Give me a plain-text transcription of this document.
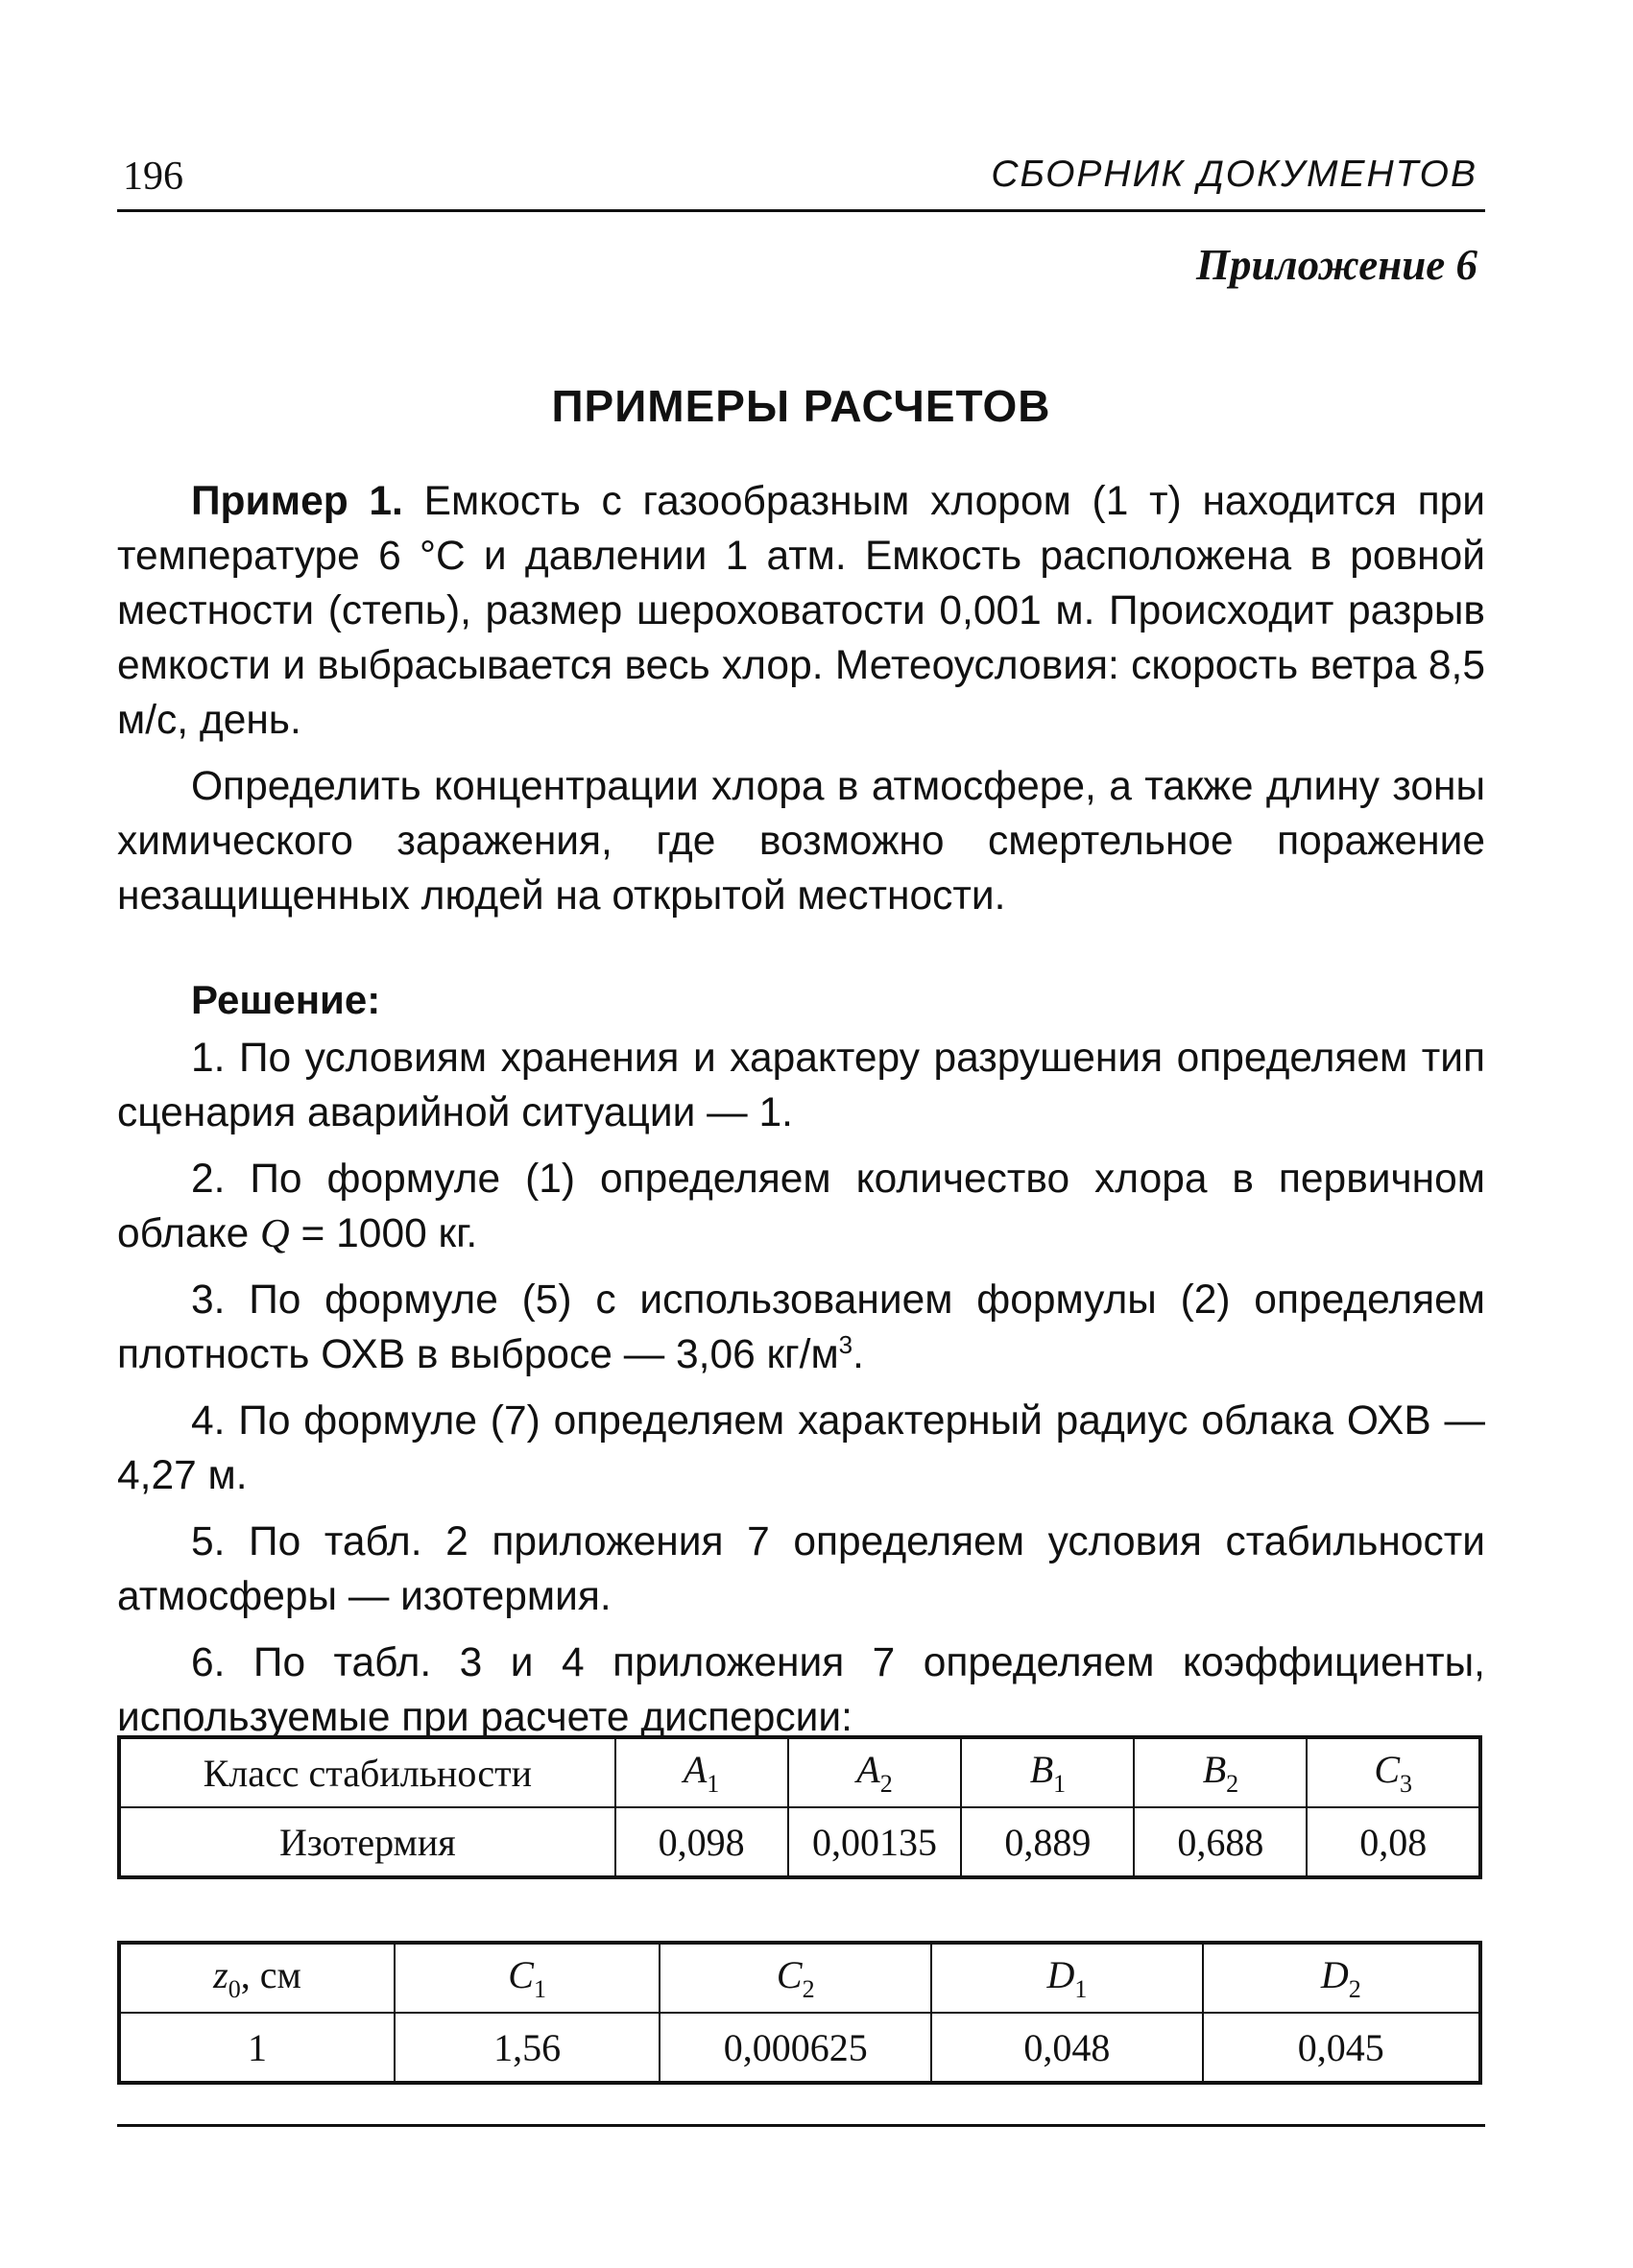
196	СБОРНИК ДОКУМЕНТОВ
Приложение 6
ПРИМЕРЫ РАСЧЕТОВ

Пример 1. Емкость с газообразным хлором (1 т) находится при температуре 6 °С и давлении 1 атм. Емкость расположена в ровной местности (степь), размер шероховатости 0,001 м. Происходит разрыв емкости и выбрасывается весь хлор. Метеоусловия: скорость ветра 8,5 м/с, день.

Определить концентрации хлора в атмосфере, а также длину зоны химического заражения, где возможно смертельное поражение незащищенных людей на открытой местности.

Решение:

1. По условиям хранения и характеру разрушения определяем тип сценария аварийной ситуации — 1.

2. По формуле (1) определяем количество хлора в первичном облаке Q = 1000 кг.

3. По формуле (5) с использованием формулы (2) определяем плотность ОХВ в выбросе — 3,06 $кг/м^3$.

4. По формуле (7) определяем характерный радиус облака ОХВ — 4,27 м.

5. По табл. 2 приложения 7 определяем условия стабильности атмосферы — изотермия.

6. По табл. 3 и 4 приложения 7 определяем коэффициенты, используемые при расчете дисперсии:

Класс стабильности	$A_1$	$A_2$	$B_1$	$B_2$	$C_3$
Изотермия	0,098	0,00135	0,889	0,688	0,08
$z_0$, см	$C_1$	$C_2$	$D_1$	$D_2$
1	1,56	0,000625	0,048	0,045
